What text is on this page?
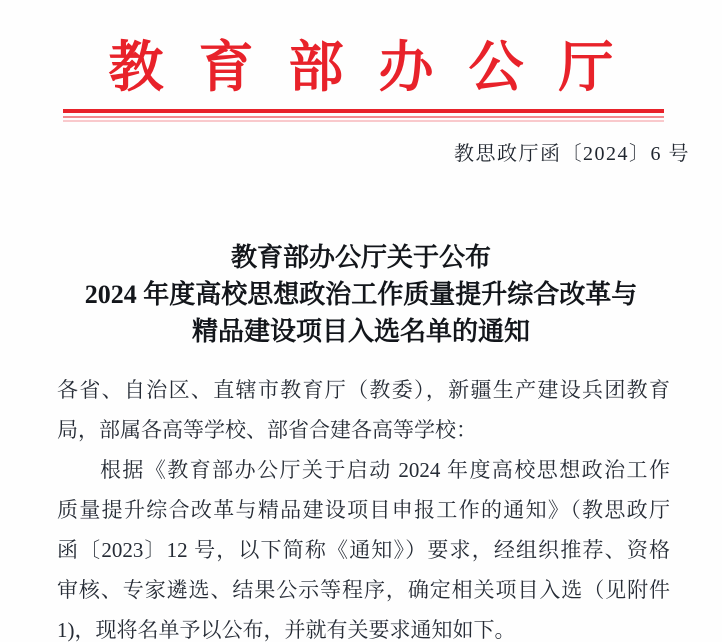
教育部办公厅
教思政厅函〔2024〕6 号
教育部办公厅关于公布
2024 年度高校思想政治工作质量提升综合改革与
精品建设项目入选名单的通知
各省、自治区、直辖市教育厅（教委），新疆生产建设兵团教育
局，部属各高等学校、部省合建各高等学校：
根据《教育部办公厅关于启动 2024 年度高校思想政治工作
质量提升综合改革与精品建设项目申报工作的通知》（教思政厅
函〔2023〕12 号，以下简称《通知》）要求，经组织推荐、资格
审核、专家遴选、结果公示等程序，确定相关项目入选（见附件
1)，现将名单予以公布，并就有关要求通知如下。
